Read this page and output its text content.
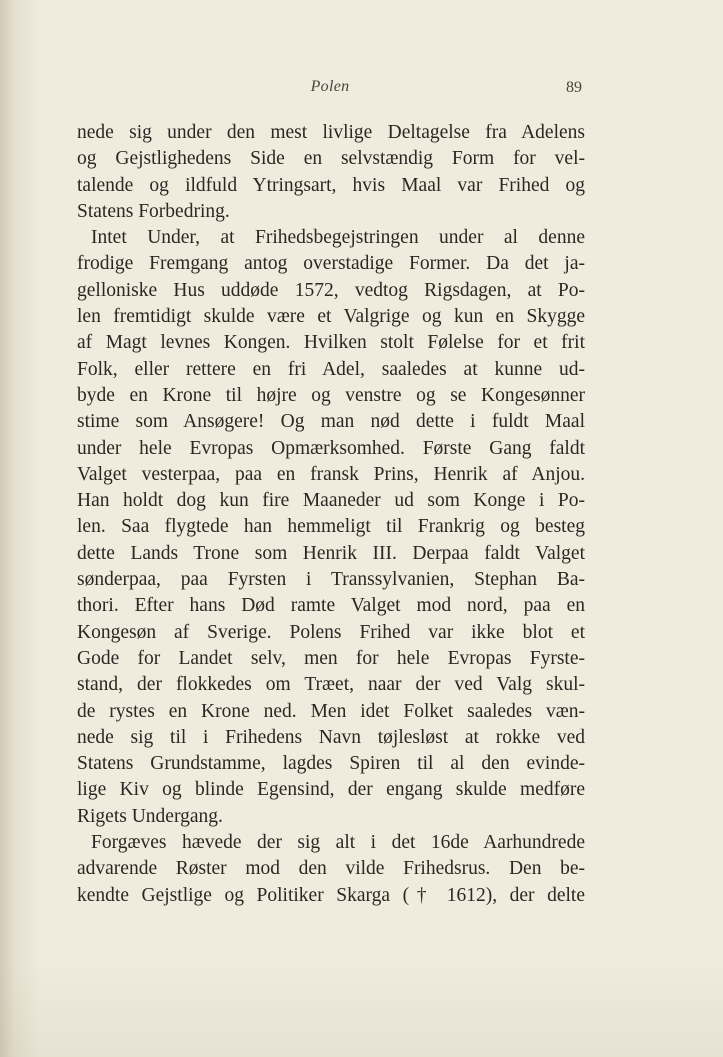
Polen	89
nede sig under den mest livlige Deltagelse fra Adelens
og Gejstlighedens Side en selvstændig Form for vel-
talende og ildfuld Ytringsart, hvis Maal var Frihed og
Statens Forbedring.
Intet Under, at Frihedsbegejstringen under al denne
frodige Fremgang antog overstadige Former. Da det ja-
gelloniske Hus uddøde 1572, vedtog Rigsdagen, at Po-
len fremtidigt skulde være et Valgrige og kun en Skygge
af Magt levnes Kongen. Hvilken stolt Følelse for et frit
Folk, eller rettere en fri Adel, saaledes at kunne ud-
byde en Krone til højre og venstre og se Kongesønner
stime som Ansøgere! Og man nød dette i fuldt Maal
under hele Evropas Opmærksomhed. Første Gang faldt
Valget vesterpaa, paa en fransk Prins, Henrik af Anjou.
Han holdt dog kun fire Maaneder ud som Konge i Po-
len. Saa flygtede han hemmeligt til Frankrig og besteg
dette Lands Trone som Henrik III. Derpaa faldt Valget
sønderpaa, paa Fyrsten i Transsylvanien, Stephan Ba-
thori. Efter hans Død ramte Valget mod nord, paa en
Kongesøn af Sverige. Polens Frihed var ikke blot et
Gode for Landet selv, men for hele Evropas Fyrste-
stand, der flokkedes om Træet, naar der ved Valg skul-
de rystes en Krone ned. Men idet Folket saaledes væn-
nede sig til i Frihedens Navn tøjlesløst at rokke ved
Statens Grundstamme, lagdes Spiren til al den evinde-
lige Kiv og blinde Egensind, der engang skulde medføre
Rigets Undergang.
Forgæves hævede der sig alt i det 16de Aarhundrede
advarende Røster mod den vilde Frihedsrus. Den be-
kendte Gejstlige og Politiker Skarga († 1612), der delte
